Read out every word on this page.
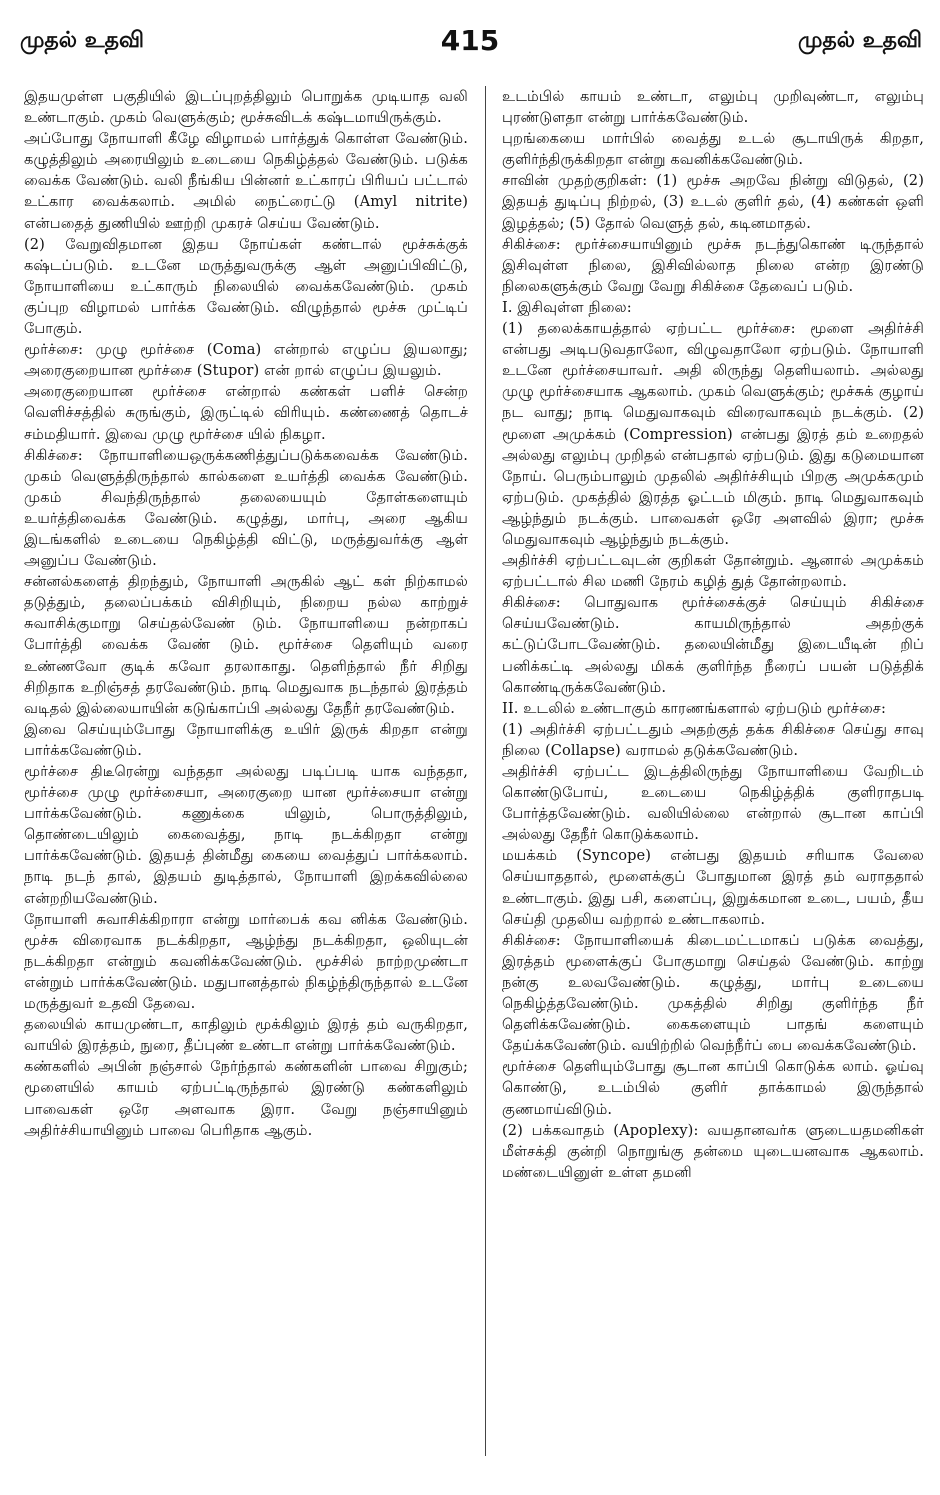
முதல் உதவி	415	முதல் உதவி

இதயமுள்ள பகுதியில் இடப்புறத்திலும் பொறுக்க முடியாத வலி உண்டாகும். முகம் வெளுக்கும்; மூச்சுவிடக் கஷ்டமாயிருக்கும்.

அப்போது நோயாளி கீழே விழாமல் பார்த்துக் கொள்ள வேண்டும். கழுத்திலும் அரையிலும் உடையை நெகிழ்த்தல் வேண்டும். படுக்க வைக்க வேண்டும். வலி நீங்கிய பின்னர் உட்காரப் பிரியப் பட்டால் உட்கார வைக்கலாம். அமில் நைட்ரைட்டு (Amyl nitrite) என்பதைத் துணியில் ஊற்றி முகரச் செய்ய வேண்டும்.

(2) வேறுவிதமான இதய நோய்கள் கண்டால் மூச்சுக்குக் கஷ்டப்படும். உடனே மருத்துவருக்கு ஆள் அனுப்பிவிட்டு, நோயாளியை உட்காரும் நிலையில் வைக்கவேண்டும். முகம் குப்புற விழாமல் பார்க்க வேண்டும். விழுந்தால் மூச்சு முட்டிப் போகும்.

மூர்ச்சை: முழு மூர்ச்சை (Coma) என்றால் எழுப்ப இயலாது; அரைகுறையான மூர்ச்சை (Stupor) என் றால் எழுப்ப இயலும்.

அரைகுறையான மூர்ச்சை என்றால் கண்கள் பளிச் சென்ற வெளிச்சத்தில் சுருங்கும், இருட்டில் விரியும். கண்ணைத் தொடச் சம்மதியார். இவை முழு மூர்ச்சை யில் நிகழா.

சிகிச்சை: நோயாளியைஒருக்கணித்துப்படுக்கவைக்க வேண்டும். முகம் வெளுத்திருந்தால் கால்களை உயர்த்தி வைக்க வேண்டும். முகம் சிவந்திருந்தால் தலையையும் தோள்களையும் உயர்த்திவைக்க வேண்டும். கழுத்து, மார்பு, அரை ஆகிய இடங்களில் உடையை நெகிழ்த்தி விட்டு, மருத்துவர்க்கு ஆள் அனுப்ப வேண்டும்.

சன்னல்களைத் திறந்தும், நோயாளி அருகில் ஆட் கள் நிற்காமல் தடுத்தும், தலைப்பக்கம் விசிறியும், நிறைய நல்ல காற்றுச் சுவாசிக்குமாறு செய்தல்வேண் டும். நோயாளியை நன்றாகப் போர்த்தி வைக்க வேண் டும். மூர்ச்சை தெளியும் வரை உண்ணவோ குடிக் கவோ தரலாகாது. தெளிந்தால் நீர் சிறிது சிறிதாக உறிஞ்சத் தரவேண்டும். நாடி மெதுவாக நடந்தால் இரத்தம் வடிதல் இல்லையாயின் கடுங்காப்பி அல்லது தேநீர் தரவேண்டும்.

இவை செய்யும்போது நோயாளிக்கு உயிர் இருக் கிறதா என்று பார்க்கவேண்டும்.

மூர்ச்சை திடீரென்று வந்ததா அல்லது படிப்படி யாக வந்ததா, மூர்ச்சை முழு மூர்ச்சையா, அரைகுறை யான மூர்ச்சையா என்று பார்க்கவேண்டும். கணுக்கை யிலும், பொருத்திலும், தொண்டையிலும் கைவைத்து, நாடி நடக்கிறதா என்று பார்க்கவேண்டும். இதயத் தின்மீது கையை வைத்துப் பார்க்கலாம். நாடி நடந் தால், இதயம் துடித்தால், நோயாளி இறக்கவில்லை என்றறியவேண்டும்.

நோயாளி சுவாசிக்கிறாரா என்று மார்பைக் கவ னிக்க வேண்டும். மூச்சு விரைவாக நடக்கிறதா, ஆழ்ந்து நடக்கிறதா, ஒலியுடன் நடக்கிறதா என்றும் கவனிக்கவேண்டும். மூச்சில் நாற்றமுண்டா என்றும் பார்க்கவேண்டும். மதுபானத்தால் நிகழ்ந்திருந்தால் உடனே மருத்துவர் உதவி தேவை.

தலையில் காயமுண்டா, காதிலும் மூக்கிலும் இரத் தம் வருகிறதா, வாயில் இரத்தம், நுரை, தீப்புண் உண்டா என்று பார்க்கவேண்டும்.

கண்களில் அபின் நஞ்சால் நேர்ந்தால் கண்களின் பாவை சிறுகும்; மூளையில் காயம் ஏற்பட்டிருந்தால் இரண்டு கண்களிலும் பாவைகள் ஒரே அளவாக இரா. வேறு நஞ்சாயினும் அதிர்ச்சியாயினும் பாவை பெரிதாக ஆகும்.

உடம்பில் காயம் உண்டா, எலும்பு முறிவுண்டா, எலும்பு புரண்டுளதா என்று பார்க்கவேண்டும்.

புறங்கையை மார்பில் வைத்து உடல் சூடாயிருக் கிறதா, குளிர்ந்திருக்கிறதா என்று கவனிக்கவேண்டும்.

சாவின் முதற்குறிகள்: (1) மூச்சு அறவே நின்று விடுதல், (2) இதயத் துடிப்பு நிற்றல், (3) உடல் குளிர் தல், (4) கண்கள் ஒளி இழத்தல்; (5) தோல் வெளுத் தல், கடினமாதல்.

சிகிச்சை: மூர்ச்சையாயினும் மூச்சு நடந்துகொண் டிருந்தால் இசிவுள்ள நிலை, இசிவில்லாத நிலை என்ற இரண்டு நிலைகளுக்கும் வேறு வேறு சிகிச்சை தேவைப் படும்.

I. இசிவுள்ள நிலை:

(1) தலைக்காயத்தால் ஏற்பட்ட மூர்ச்சை: மூளை அதிர்ச்சி என்பது அடிபடுவதாலோ, விழுவதாலோ ஏற்படும். நோயாளி உடனே மூர்ச்சையாவர். அதி லிருந்து தெளியலாம். அல்லது முழு மூர்ச்சையாக ஆகலாம். முகம் வெளுக்கும்; மூச்சுக் குழாய் நட வாது; நாடி மெதுவாகவும் விரைவாகவும் நடக்கும். (2) மூளை அமுக்கம் (Compression) என்பது இரத் தம் உறைதல் அல்லது எலும்பு முறிதல் என்பதால் ஏற்படும். இது கடுமையான நோய். பெரும்பாலும் முதலில் அதிர்ச்சியும் பிறகு அமுக்கமும் ஏற்படும். முகத்தில் இரத்த ஓட்டம் மிகும். நாடி மெதுவாகவும் ஆழ்ந்தும் நடக்கும். பாவைகள் ஒரே அளவில் இரா; மூச்சு மெதுவாகவும் ஆழ்ந்தும் நடக்கும்.

அதிர்ச்சி ஏற்பட்டவுடன் குறிகள் தோன்றும். ஆனால் அமுக்கம் ஏற்பட்டால் சில மணி நேரம் கழித் துத் தோன்றலாம்.

சிகிச்சை: பொதுவாக மூர்ச்சைக்குச் செய்யும் சிகிச்சை செய்யவேண்டும். காயமிருந்தால் அதற்குக் கட்டுப்போடவேண்டும். தலையின்மீது இடையீடின் றிப் பனிக்கட்டி அல்லது மிகக் குளிர்ந்த நீரைப் பயன் படுத்திக் கொண்டிருக்கவேண்டும்.

II. உடலில் உண்டாகும் காரணங்களால் ஏற்படும் மூர்ச்சை:

(1) அதிர்ச்சி ஏற்பட்டதும் அதற்குத் தக்க சிகிச்சை செய்து சாவு நிலை (Collapse) வராமல் தடுக்கவேண்டும்.

அதிர்ச்சி ஏற்பட்ட இடத்திலிருந்து நோயாளியை வேறிடம் கொண்டுபோய், உடையை நெகிழ்த்திக் குளிராதபடி போர்த்தவேண்டும். வலியில்லை என்றால் சூடான காப்பி அல்லது தேநீர் கொடுக்கலாம்.

மயக்கம் (Syncope) என்பது இதயம் சரியாக வேலை செய்யாததால், மூளைக்குப் போதுமான இரத் தம் வராததால் உண்டாகும். இது பசி, களைப்பு, இறுக்கமான உடை, பயம், தீய செய்தி முதலிய வற்றால் உண்டாகலாம்.

சிகிச்சை: நோயாளியைக் கிடைமட்டமாகப் படுக்க வைத்து, இரத்தம் மூளைக்குப் போகுமாறு செய்தல் வேண்டும். காற்று நன்கு உலவவேண்டும். கழுத்து, மார்பு உடையை நெகிழ்த்தவேண்டும். முகத்தில் சிறிது குளிர்ந்த நீர் தெளிக்கவேண்டும். கைகளையும் பாதங் களையும் தேய்க்கவேண்டும். வயிற்றில் வெந்நீர்ப் பை வைக்கவேண்டும்.

மூர்ச்சை தெளியும்போது சூடான காப்பி கொடுக்க லாம். ஓய்வு கொண்டு, உடம்பில் குளிர் தாக்காமல் இருந்தால் குணமாய்விடும்.

(2) பக்கவாதம் (Apoplexy): வயதானவர்க ளுடையதமனிகள் மீள்சக்தி குன்றி நொறுங்கு தன்மை யுடையனவாக ஆகலாம். மண்டையினுள் உள்ள தமனி
